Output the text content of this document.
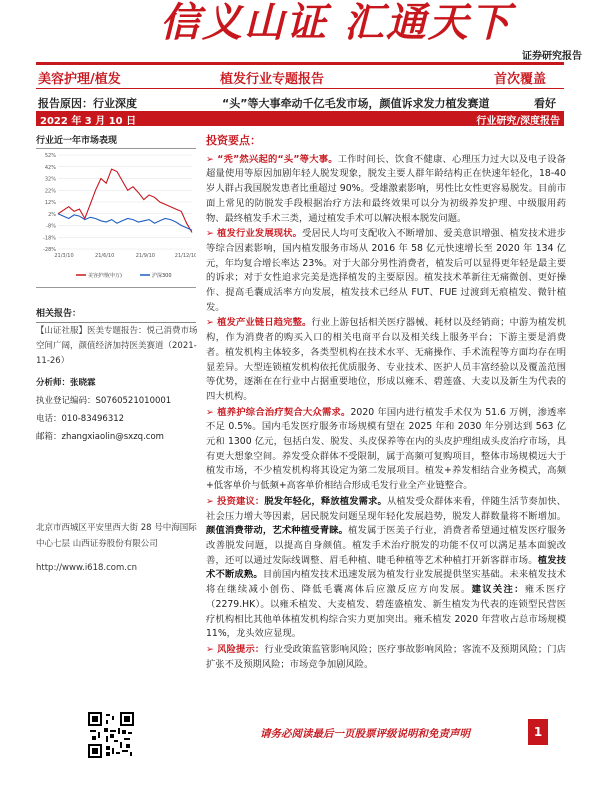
信义山证 汇通天下
证券研究报告
美容护理/植发	植发行业专题报告	首次覆盖
报告原因：行业深度	“头”等大事牵动千亿毛发市场，颜值诉求发力植发赛道	看好
2022 年 3 月 10 日	行业研究/深度报告
行业近一年市场表现
52%
42%
32%
22%
12%
2%
-8%
-18%
-28%
21/3/10	21/6/10	21/9/10	21/12/10
美容护理(申万)	沪深300
相关报告：
【山证社服】医美专题报告：悦己消费市场空间广阔，颜值经济加持医美赛道（2021-11-26）
分析师：张晓霖
执业登记编码：S0760521010001
电话：010-83496312
邮箱：zhangxiaolin@sxzq.com
北京市西城区平安里西大街 28 号中海国际中心七层 山西证券股份有限公司
http://www.i618.com.cn
投资要点：

➢ “秃”然兴起的“头”等大事。工作时间长、饮食不健康、心理压力过大以及电子设备超量使用等原因加剧年轻人脱发现象，脱发主要人群年龄结构正在快速年轻化，18-40 岁人群占我国脱发患者比重超过 90%。受雄激素影响，男性比女性更容易脱发。目前市面上常见的防脱发手段根据治疗方法和最终效果可以分为初级养发护理、中级服用药物、最终植发手术三类，通过植发手术可以解决根本脱发问题。

➢ 植发行业发展现状。受居民人均可支配收入不断增加、爱美意识增强、植发技术进步等综合因素影响，国内植发服务市场从 2016 年 58 亿元快速增长至 2020 年 134 亿元，年均复合增长率达 23%。对于大部分男性消费者，植发后可以显得更年轻是最主要的诉求；对于女性追求完美是选择植发的主要原因。植发技术革新往无痛微创、更好操作、提高毛囊成活率方向发展，植发技术已经从 FUT、FUE 过渡到无痕植发、微针植发。

➢ 植发产业链日趋完整。行业上游包括相关医疗器械、耗材以及经销商；中游为植发机构，作为消费者的购买入口的相关电商平台以及相关线上服务平台；下游主要是消费者。植发机构主体较多，各类型机构在技术水平、无痛操作、手术流程等方面均存在明显差异。大型连锁植发机构依托优质服务、专业技术、医护人员丰富经验以及覆盖范围等优势，逐渐在在行业中占据重要地位，形成以雍禾、碧莲盛、大麦以及新生为代表的四大机构。

➢ 植养护综合治疗契合大众需求。2020 年国内进行植发手术仅为 51.6 万例，渗透率不足 0.5%。国内毛发医疗服务市场规模有望在 2025 年和 2030 年分别达到 563 亿元和 1300 亿元，包括白发、脱发、头皮保养等在内的头皮护理组成头皮治疗市场，具有更大想象空间。养发受众群体不受限制，属于高频可复购项目，整体市场规模远大于植发市场，不少植发机构将其设定为第二发展项目。植发+养发相结合业务模式，高频+低客单价与低频+高客单价相结合形成毛发行业全产业链整合。

➢ 投资建议：脱发年轻化，释放植发需求。从植发受众群体来看，伴随生活节奏加快、社会压力增大等因素，居民脱发问题呈现年轻化发展趋势，脱发人群数量将不断增加。颜值消费带动，艺术种植受青睐。植发属于医美子行业，消费者希望通过植发医疗服务改善脱发问题，以提高自身颜值。植发手术治疗脱发的功能不仅可以满足基本面貌改善，还可以通过发际线调整、眉毛种植、睫毛种植等艺术种植打开新客群市场。植发技术不断成熟。目前国内植发技术迅速发展为植发行业发展提供坚实基础。未来植发技术将在继续减小创伤、降低毛囊离体后应激反应方向发展。建议关注：雍禾医疗（2279.HK）。以雍禾植发、大麦植发、碧莲盛植发、新生植发为代表的连锁型民营医疗机构相比其他单体植发机构综合实力更加突出。雍禾植发 2020 年营收占总市场规模 11%，龙头效应显现。

➢ 风险提示：行业受政策监管影响风险；医疗事故影响风险；客流不及预期风险；门店扩张不及预期风险；市场竞争加剧风险。

请务必阅读最后一页股票评级说明和免责声明	1
